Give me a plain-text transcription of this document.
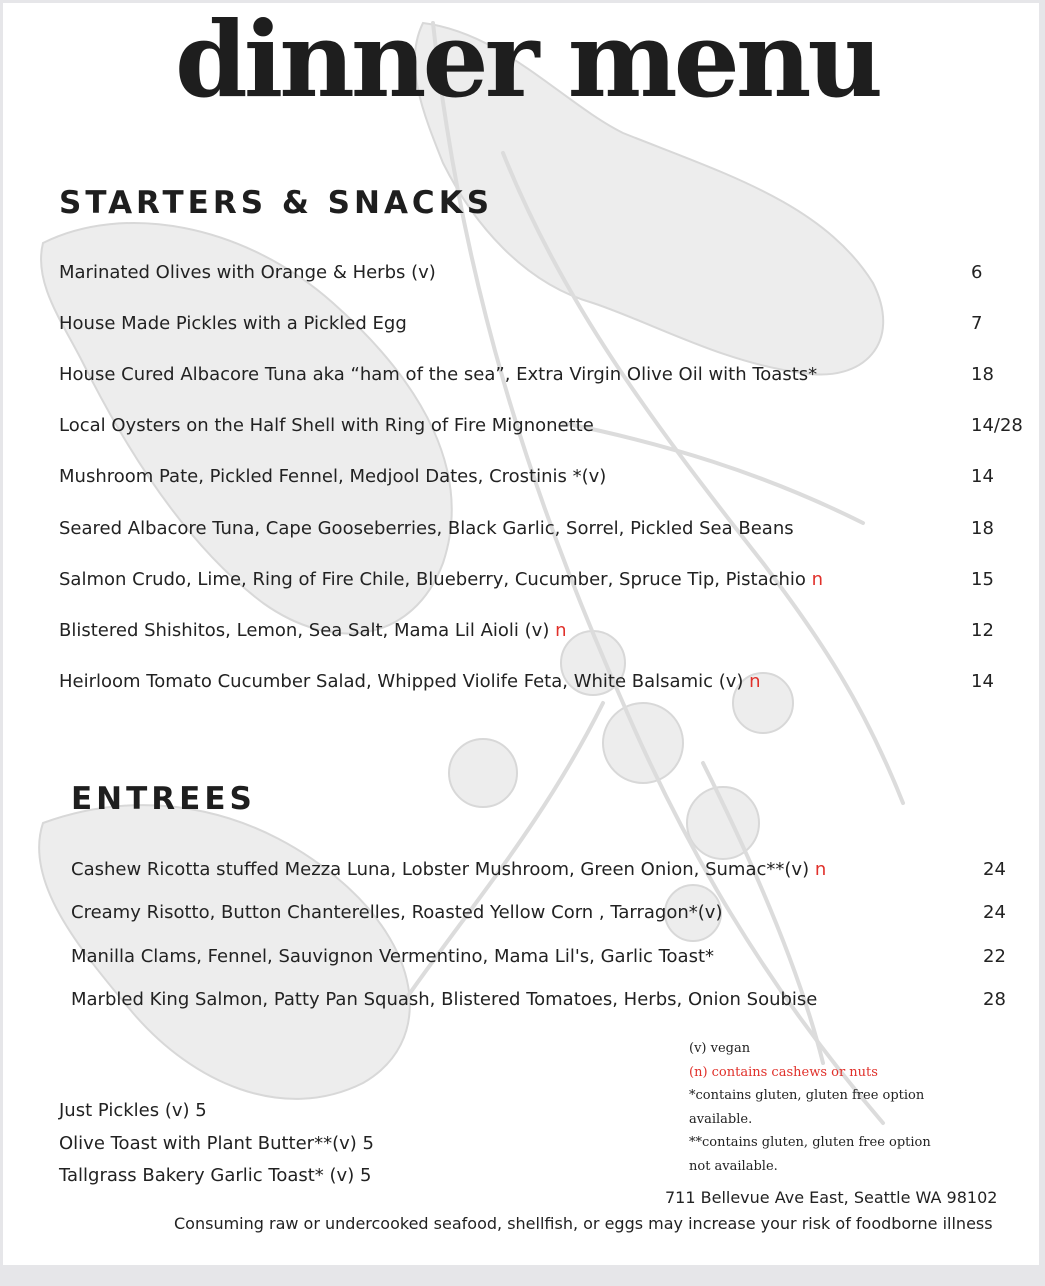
dinner menu
STARTERS & SNACKS
Marinated Olives with Orange & Herbs (v)	6
House Made Pickles with a Pickled Egg	7
House Cured Albacore Tuna aka “ham of the sea”, Extra Virgin Olive Oil with Toasts*	18
Local Oysters on the Half Shell with Ring of Fire Mignonette	14/28
Mushroom Pate, Pickled Fennel, Medjool Dates, Crostinis *(v)	14
Seared Albacore Tuna, Cape Gooseberries, Black Garlic, Sorrel, Pickled Sea Beans	18
Salmon Crudo, Lime, Ring of Fire Chile, Blueberry, Cucumber, Spruce Tip, Pistachio n	15
Blistered Shishitos, Lemon, Sea Salt, Mama Lil Aioli (v) n	12
Heirloom Tomato Cucumber Salad, Whipped Violife Feta, White Balsamic (v) n	14
ENTREES
Cashew Ricotta stuffed Mezza Luna, Lobster Mushroom, Green Onion, Sumac**(v) n	24
Creamy Risotto, Button Chanterelles, Roasted Yellow Corn , Tarragon*(v)	24
Manilla Clams, Fennel, Sauvignon Vermentino, Mama Lil's, Garlic Toast*	22
Marbled King Salmon, Patty Pan Squash, Blistered Tomatoes, Herbs, Onion Soubise	28
(v) vegan
(n) contains cashews or nuts
*contains gluten, gluten free option
available.
**contains gluten, gluten free option
not available.
Just Pickles (v) 5
Olive Toast with Plant Butter**(v) 5
Tallgrass Bakery Garlic Toast* (v) 5
711 Bellevue Ave East, Seattle WA 98102
Consuming raw or undercooked seafood, shellfish, or eggs may increase your risk of foodborne illness
